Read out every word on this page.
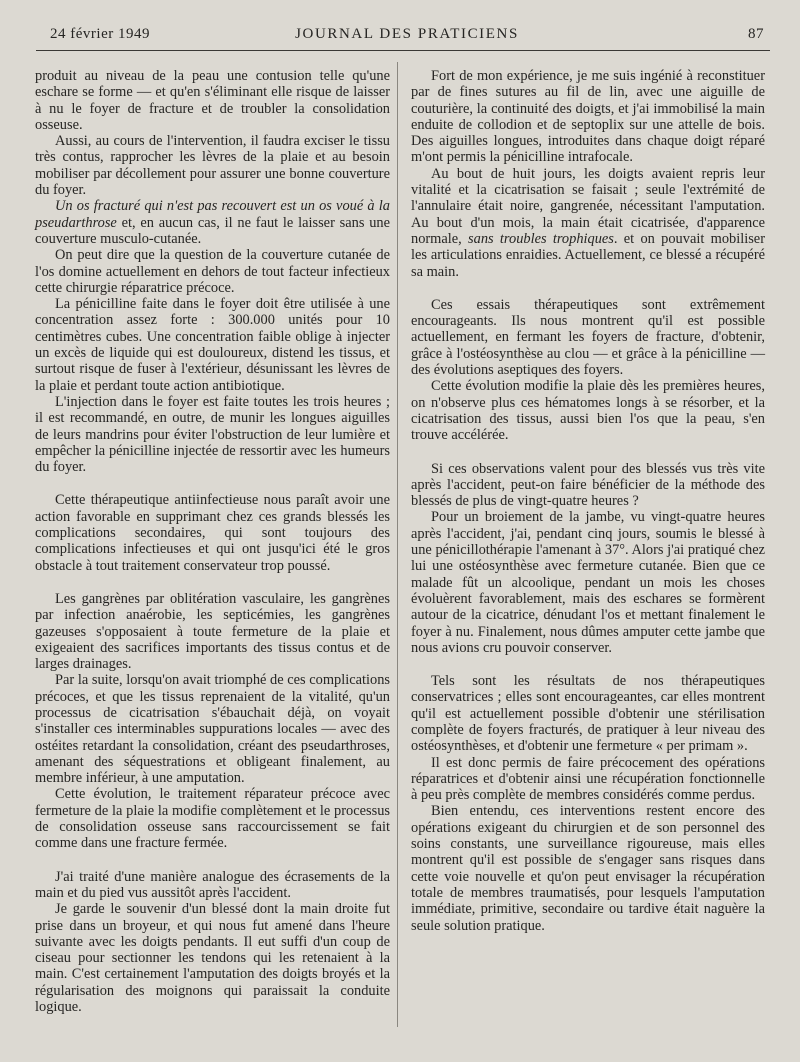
24 février 1949	JOURNAL DES PRATICIENS	87

produit au niveau de la peau une contusion telle qu'une eschare se forme — et qu'en s'éliminant elle risque de laisser à nu le foyer de fracture et de troubler la consolidation osseuse.

Aussi, au cours de l'intervention, il faudra exciser le tissu très contus, rapprocher les lèvres de la plaie et au besoin mobiliser par décollement pour assurer une bonne couverture du foyer.

Un os fracturé qui n'est pas recouvert est un os voué à la pseudarthrose et, en aucun cas, il ne faut le laisser sans une couverture musculo-cutanée.

On peut dire que la question de la couverture cutanée de l'os domine actuellement en dehors de tout facteur infectieux cette chirurgie réparatrice précoce.

La pénicilline faite dans le foyer doit être utilisée à une concentration assez forte : 300.000 unités pour 10 centimètres cubes. Une concentration faible oblige à injecter un excès de liquide qui est douloureux, distend les tissus, et surtout risque de fuser à l'extérieur, désunissant les lèvres de la plaie et perdant toute action antibiotique.

L'injection dans le foyer est faite toutes les trois heures ; il est recommandé, en outre, de munir les longues aiguilles de leurs mandrins pour éviter l'obstruction de leur lumière et empêcher la pénicilline injectée de ressortir avec les humeurs du foyer.

Cette thérapeutique antiinfectieuse nous paraît avoir une action favorable en supprimant chez ces grands blessés les complications secondaires, qui sont toujours des complications infectieuses et qui ont jusqu'ici été le gros obstacle à tout traitement conservateur trop poussé.

Les gangrènes par oblitération vasculaire, les gangrènes par infection anaérobie, les septicémies, les gangrènes gazeuses s'opposaient à toute fermeture de la plaie et exigeaient des sacrifices importants des tissus contus et de larges drainages.

Par la suite, lorsqu'on avait triomphé de ces complications précoces, et que les tissus reprenaient de la vitalité, qu'un processus de cicatrisation s'ébauchait déjà, on voyait s'installer ces interminables suppurations locales — avec des ostéites retardant la consolidation, créant des pseudarthroses, amenant des séquestrations et obligeant finalement, au membre inférieur, à une amputation.

Cette évolution, le traitement réparateur précoce avec fermeture de la plaie la modifie complètement et le processus de consolidation osseuse sans raccourcissement se fait comme dans une fracture fermée.

J'ai traité d'une manière analogue des écrasements de la main et du pied vus aussitôt après l'accident.

Je garde le souvenir d'un blessé dont la main droite fut prise dans un broyeur, et qui nous fut amené dans l'heure suivante avec les doigts pendants. Il eut suffi d'un coup de ciseau pour sectionner les tendons qui les retenaient à la main. C'est certainement l'amputation des doigts broyés et la régularisation des moignons qui paraissait la conduite logique.

Fort de mon expérience, je me suis ingénié à reconstituer par de fines sutures au fil de lin, avec une aiguille de couturière, la continuité des doigts, et j'ai immobilisé la main enduite de collodion et de septoplix sur une attelle de bois. Des aiguilles longues, introduites dans chaque doigt réparé m'ont permis la pénicilline intrafocale.

Au bout de huit jours, les doigts avaient repris leur vitalité et la cicatrisation se faisait ; seule l'extrémité de l'annulaire était noire, gangrenée, nécessitant l'amputation. Au bout d'un mois, la main était cicatrisée, d'apparence normale, sans troubles trophiques. et on pouvait mobiliser les articulations enraidies. Actuellement, ce blessé a récupéré sa main.

Ces essais thérapeutiques sont extrêmement encourageants. Ils nous montrent qu'il est possible actuellement, en fermant les foyers de fracture, d'obtenir, grâce à l'ostéosynthèse au clou — et grâce à la pénicilline — des évolutions aseptiques des foyers.

Cette évolution modifie la plaie dès les premières heures, on n'observe plus ces hématomes longs à se résorber, et la cicatrisation des tissus, aussi bien l'os que la peau, s'en trouve accélérée.

Si ces observations valent pour des blessés vus très vite après l'accident, peut-on faire bénéficier de la méthode des blessés de plus de vingt-quatre heures ?

Pour un broiement de la jambe, vu vingt-quatre heures après l'accident, j'ai, pendant cinq jours, soumis le blessé à une pénicillothérapie l'amenant à 37°. Alors j'ai pratiqué chez lui une ostéosynthèse avec fermeture cutanée. Bien que ce malade fût un alcoolique, pendant un mois les choses évoluèrent favorablement, mais des eschares se formèrent autour de la cicatrice, dénudant l'os et mettant finalement le foyer à nu. Finalement, nous dûmes amputer cette jambe que nous avions cru pouvoir conserver.

Tels sont les résultats de nos thérapeutiques conservatrices ; elles sont encourageantes, car elles montrent qu'il est actuellement possible d'obtenir une stérilisation complète de foyers fracturés, de pratiquer à leur niveau des ostéosynthèses, et d'obtenir une fermeture « per primam ».

Il est donc permis de faire précocement des opérations réparatrices et d'obtenir ainsi une récupération fonctionnelle à peu près complète de membres considérés comme perdus.

Bien entendu, ces interventions restent encore des opérations exigeant du chirurgien et de son personnel des soins constants, une surveillance rigoureuse, mais elles montrent qu'il est possible de s'engager sans risques dans cette voie nouvelle et qu'on peut envisager la récupération totale de membres traumatisés, pour lesquels l'amputation immédiate, primitive, secondaire ou tardive était naguère la seule solution pratique.
